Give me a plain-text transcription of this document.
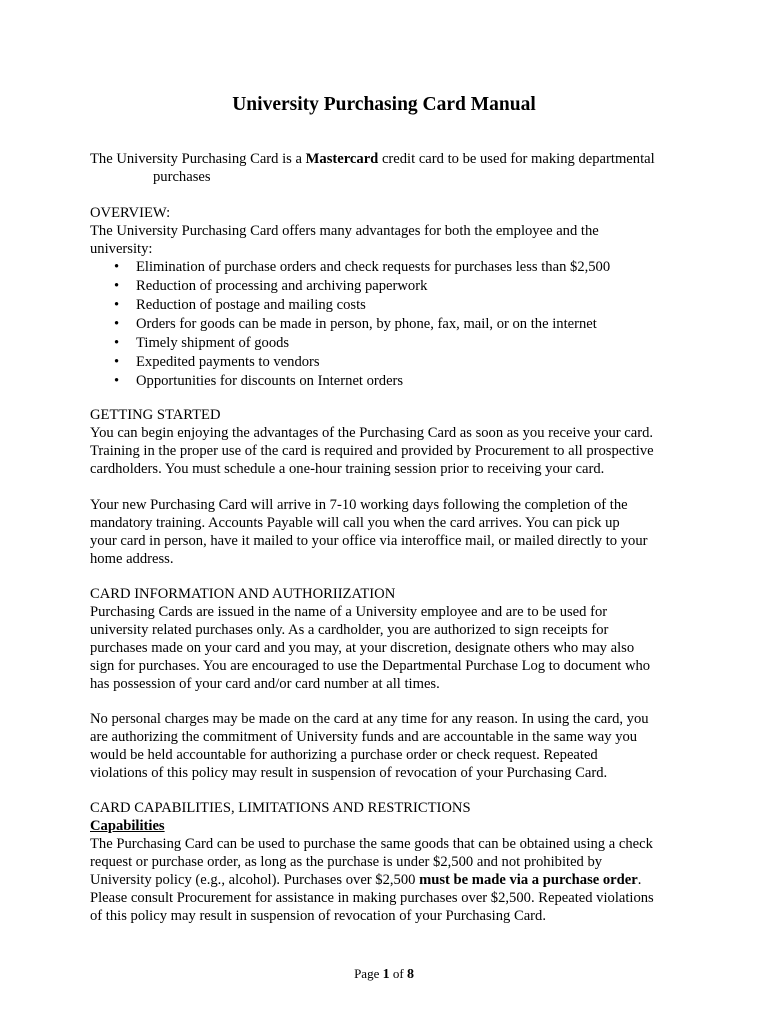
University Purchasing Card Manual

The University Purchasing Card is a Mastercard credit card to be used for making departmental

purchases

OVERVIEW:

The University Purchasing Card offers many advantages for both the employee and the

university:

• Elimination of purchase orders and check requests for purchases less than $2,500
• Reduction of processing and archiving paperwork
• Reduction of postage and mailing costs
• Orders for goods can be made in person, by phone, fax, mail, or on the internet
• Timely shipment of goods
• Expedited payments to vendors
• Opportunities for discounts on Internet orders

GETTING STARTED

You can begin enjoying the advantages of the Purchasing Card as soon as you receive your card.

Training in the proper use of the card is required and provided by Procurement to all prospective

cardholders. You must schedule a one-hour training session prior to receiving your card.

Your new Purchasing Card will arrive in 7-10 working days following the completion of the

mandatory training. Accounts Payable will call you when the card arrives. You can pick up

your card in person, have it mailed to your office via interoffice mail, or mailed directly to your

home address.

CARD INFORMATION AND AUTHORIIZATION

Purchasing Cards are issued in the name of a University employee and are to be used for

university related purchases only. As a cardholder, you are authorized to sign receipts for

purchases made on your card and you may, at your discretion, designate others who may also

sign for purchases. You are encouraged to use the Departmental Purchase Log to document who

has possession of your card and/or card number at all times.

No personal charges may be made on the card at any time for any reason. In using the card, you

are authorizing the commitment of University funds and are accountable in the same way you

would be held accountable for authorizing a purchase order or check request. Repeated

violations of this policy may result in suspension of revocation of your Purchasing Card.

CARD CAPABILITIES, LIMITATIONS AND RESTRICTIONS

Capabilities

The Purchasing Card can be used to purchase the same goods that can be obtained using a check

request or purchase order, as long as the purchase is under $2,500 and not prohibited by

University policy (e.g., alcohol). Purchases over $2,500 must be made via a purchase order.

Please consult Procurement for assistance in making purchases over $2,500. Repeated violations

of this policy may result in suspension of revocation of your Purchasing Card.

Page 1 of 8
